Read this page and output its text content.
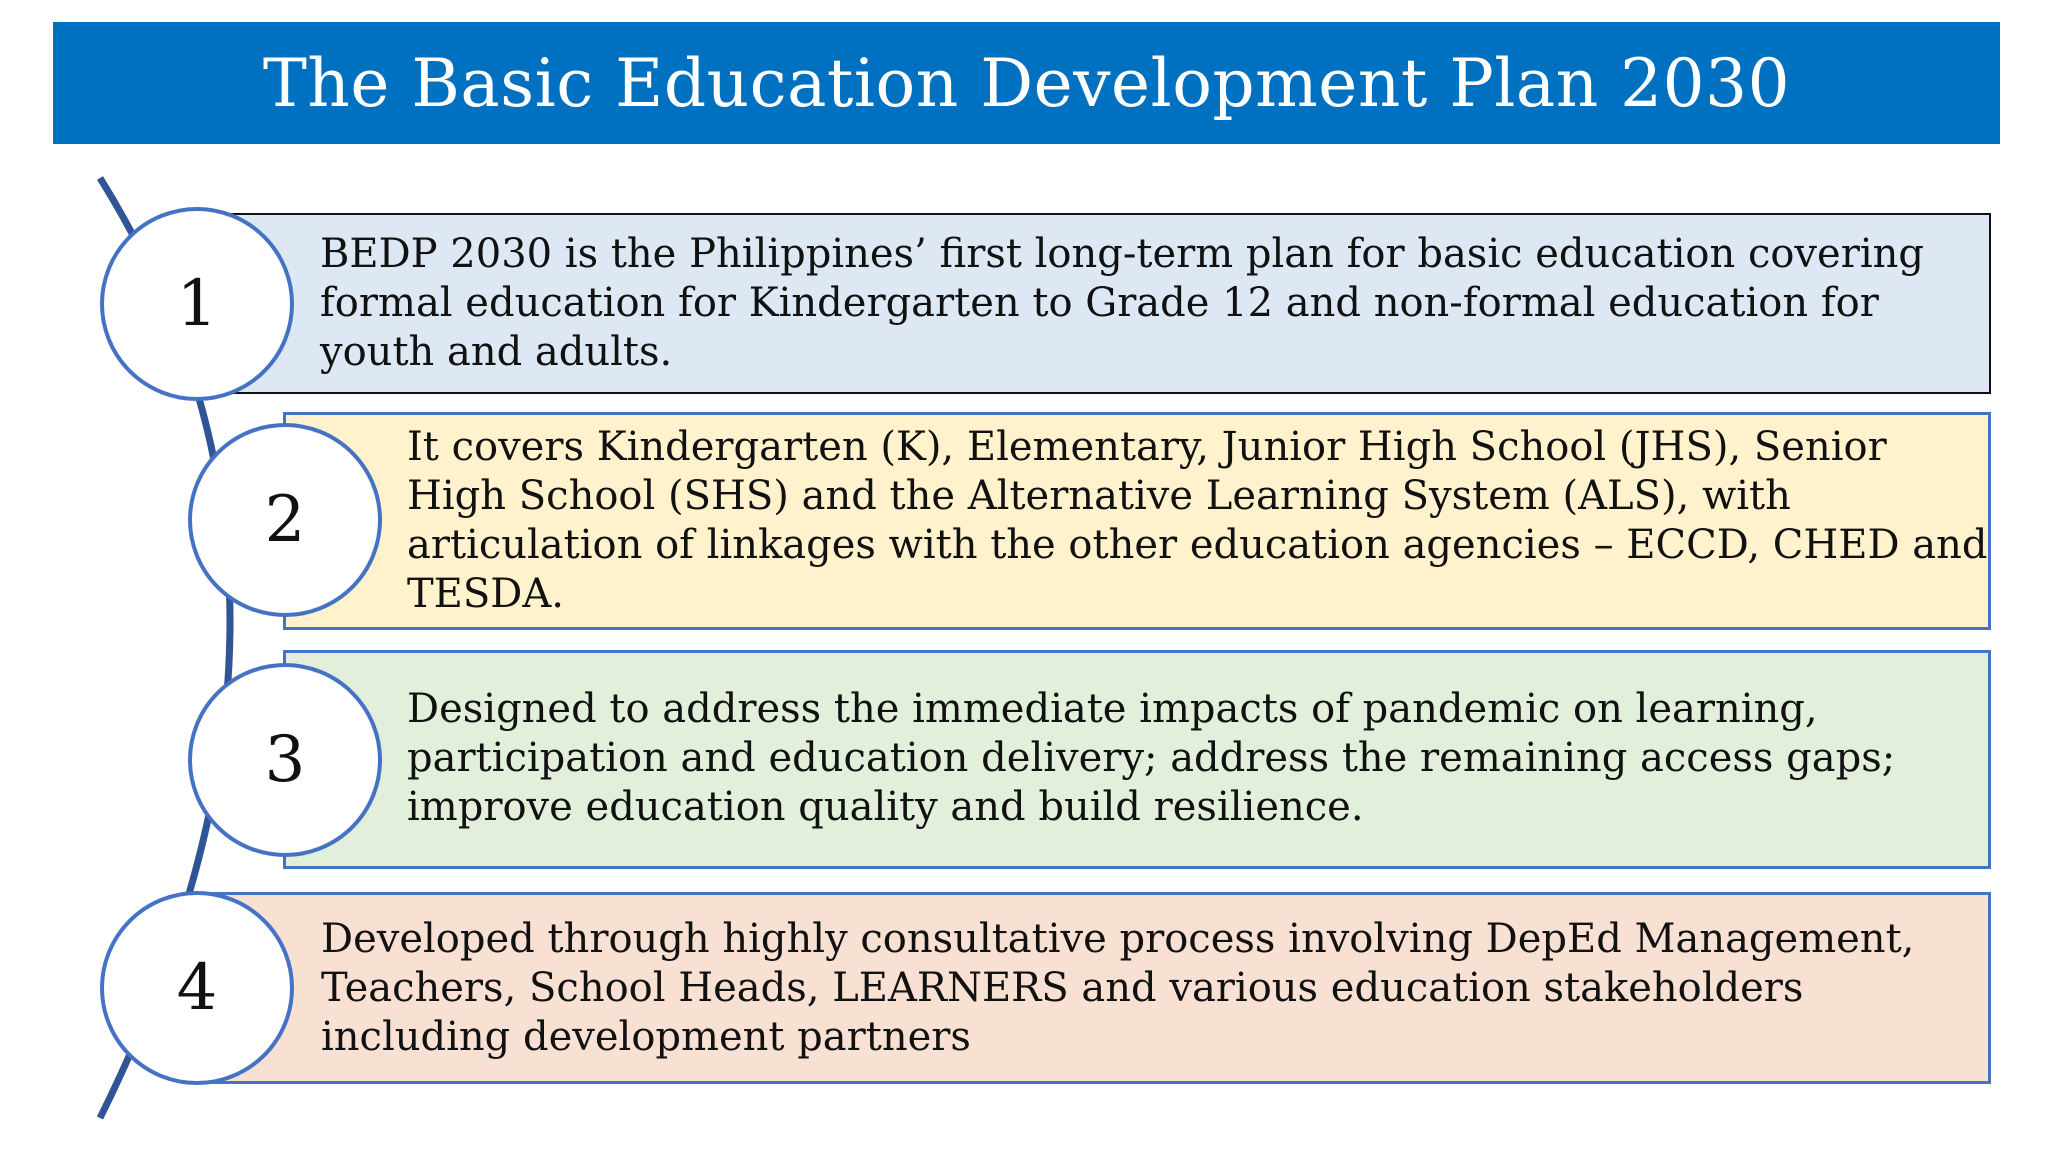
The Basic Education Development Plan 2030
BEDP 2030 is the Philippines’ first long-term plan for basic education covering formal education for Kindergarten to Grade 12 and non-formal education for youth and adults.
1
It covers Kindergarten (K), Elementary, Junior High School (JHS), Senior High School (SHS) and the Alternative Learning System (ALS), with articulation of linkages with the other education agencies – ECCD, CHED and TESDA.
2
Designed to address the immediate impacts of pandemic on learning, participation and education delivery; address the remaining access gaps; improve education quality and build resilience.
3
Developed through highly consultative process involving DepEd Management, Teachers, School Heads, LEARNERS and various education stakeholders including development partners
4
